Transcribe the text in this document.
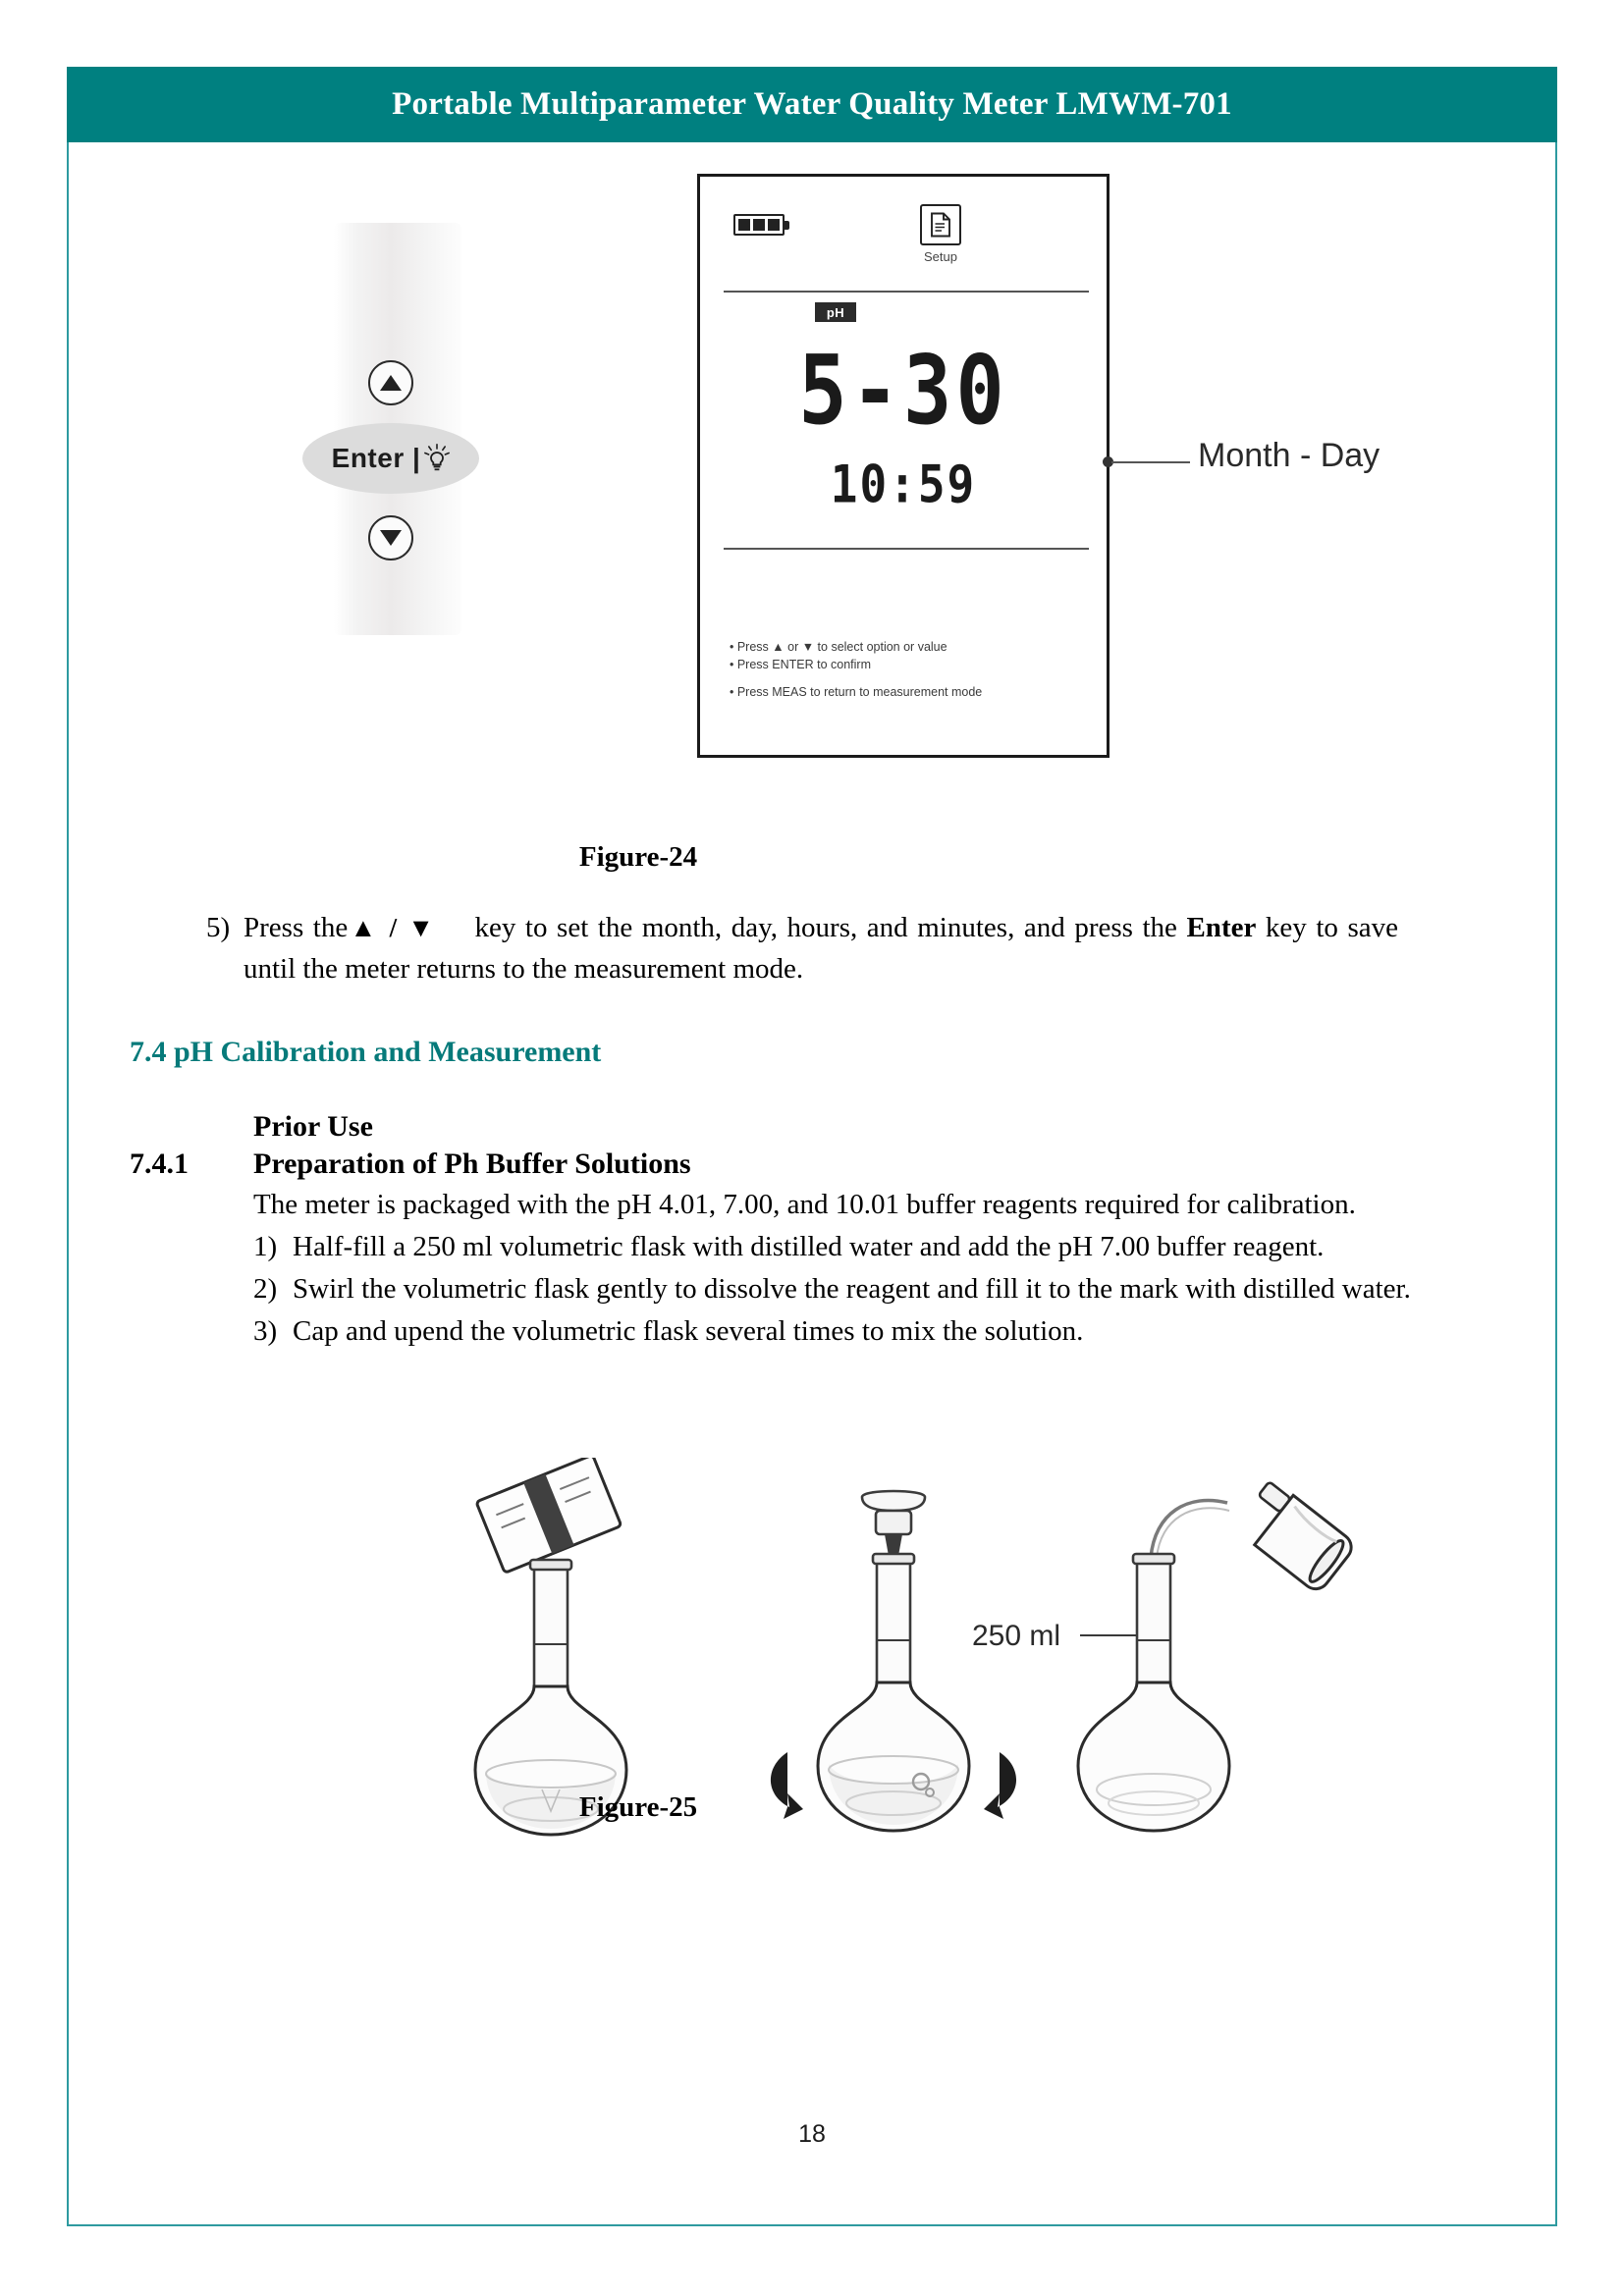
Portable Multiparameter Water Quality Meter LMWM-701
Enter |
Setup
pH
5-30
10:59
• Press ▲ or ▼ to select option or value
• Press ENTER to confirm
• Press MEAS to return to measurement mode
Month - Day
Figure-24

5) Press the▲ / ▼ key to set the month, day, hours, and minutes, and press the Enter key to save until the meter returns to the measurement mode.

7.4 pH Calibration and Measurement
Prior Use
7.4.1 Preparation of Ph Buffer Solutions

The meter is packaged with the pH 4.01, 7.00, and 10.01 buffer reagents required for calibration.

1) Half-fill a 250 ml volumetric flask with distilled water and add the pH 7.00 buffer reagent.
2) Swirl the volumetric flask gently to dissolve the reagent and fill it to the mark with distilled water.
3) Cap and upend the volumetric flask several times to mix the solution.
250 ml
Figure-25
18
